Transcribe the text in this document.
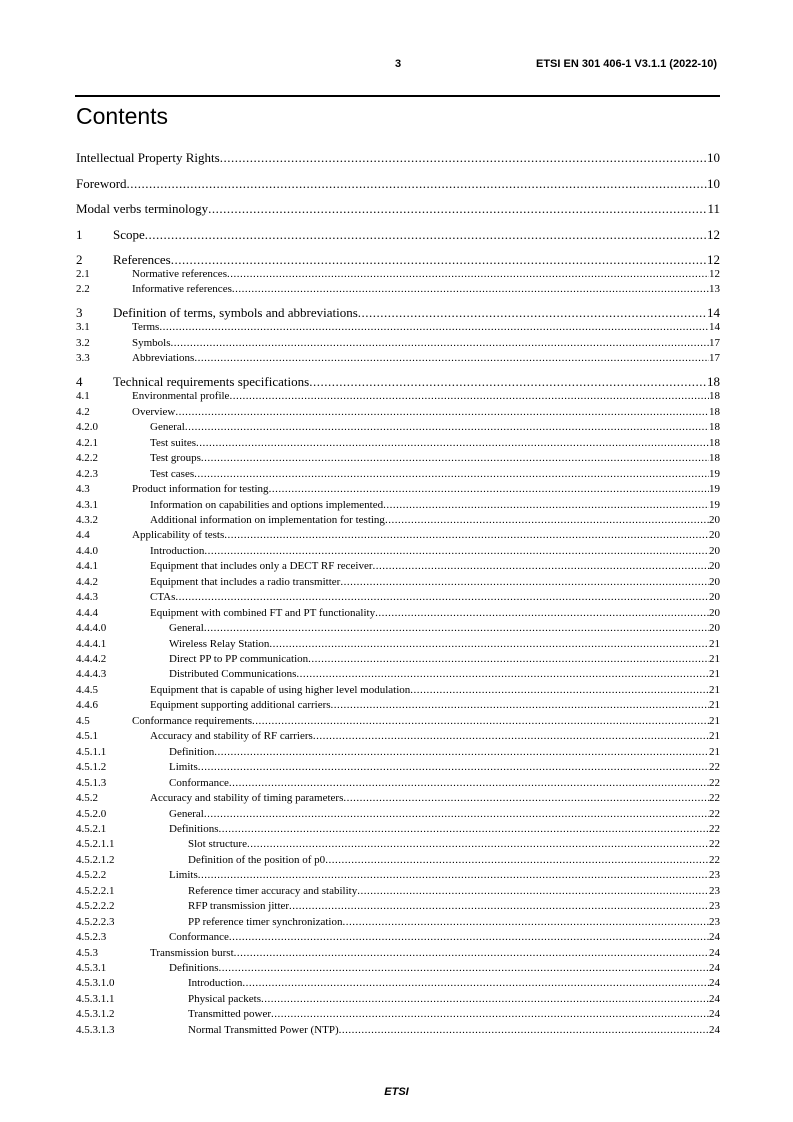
3	ETSI EN 301 406-1 V3.1.1 (2022-10)
Contents
Intellectual Property Rights .....	10
Foreword .....	10
Modal verbs terminology .....	11
1	Scope .....	12
2	References .....	12
2.1	Normative references .....	12
2.2	Informative references .....	13
3	Definition of terms, symbols and abbreviations .....	14
3.1	Terms .....	14
3.2	Symbols .....	17
3.3	Abbreviations .....	17
4	Technical requirements specifications .....	18
4.1	Environmental profile .....	18
4.2	Overview .....	18
4.2.0	General .....	18
4.2.1	Test suites .....	18
4.2.2	Test groups .....	18
4.2.3	Test cases .....	19
4.3	Product information for testing .....	19
4.3.1	Information on capabilities and options implemented .....	19
4.3.2	Additional information on implementation for testing .....	20
4.4	Applicability of tests .....	20
4.4.0	Introduction .....	20
4.4.1	Equipment that includes only a DECT RF receiver .....	20
4.4.2	Equipment that includes a radio transmitter .....	20
4.4.3	CTAs .....	20
4.4.4	Equipment with combined FT and PT functionality .....	20
4.4.4.0	General .....	20
4.4.4.1	Wireless Relay Station .....	21
4.4.4.2	Direct PP to PP communication .....	21
4.4.4.3	Distributed Communications .....	21
4.4.5	Equipment that is capable of using higher level modulation .....	21
4.4.6	Equipment supporting additional carriers .....	21
4.5	Conformance requirements .....	21
4.5.1	Accuracy and stability of RF carriers .....	21
4.5.1.1	Definition .....	21
4.5.1.2	Limits .....	22
4.5.1.3	Conformance .....	22
4.5.2	Accuracy and stability of timing parameters .....	22
4.5.2.0	General .....	22
4.5.2.1	Definitions .....	22
4.5.2.1.1	Slot structure .....	22
4.5.2.1.2	Definition of the position of p0 .....	22
4.5.2.2	Limits .....	23
4.5.2.2.1	Reference timer accuracy and stability .....	23
4.5.2.2.2	RFP transmission jitter .....	23
4.5.2.2.3	PP reference timer synchronization .....	23
4.5.2.3	Conformance .....	24
4.5.3	Transmission burst .....	24
4.5.3.1	Definitions .....	24
4.5.3.1.0	Introduction .....	24
4.5.3.1.1	Physical packets .....	24
4.5.3.1.2	Transmitted power .....	24
4.5.3.1.3	Normal Transmitted Power (NTP) .....	24
ETSI
